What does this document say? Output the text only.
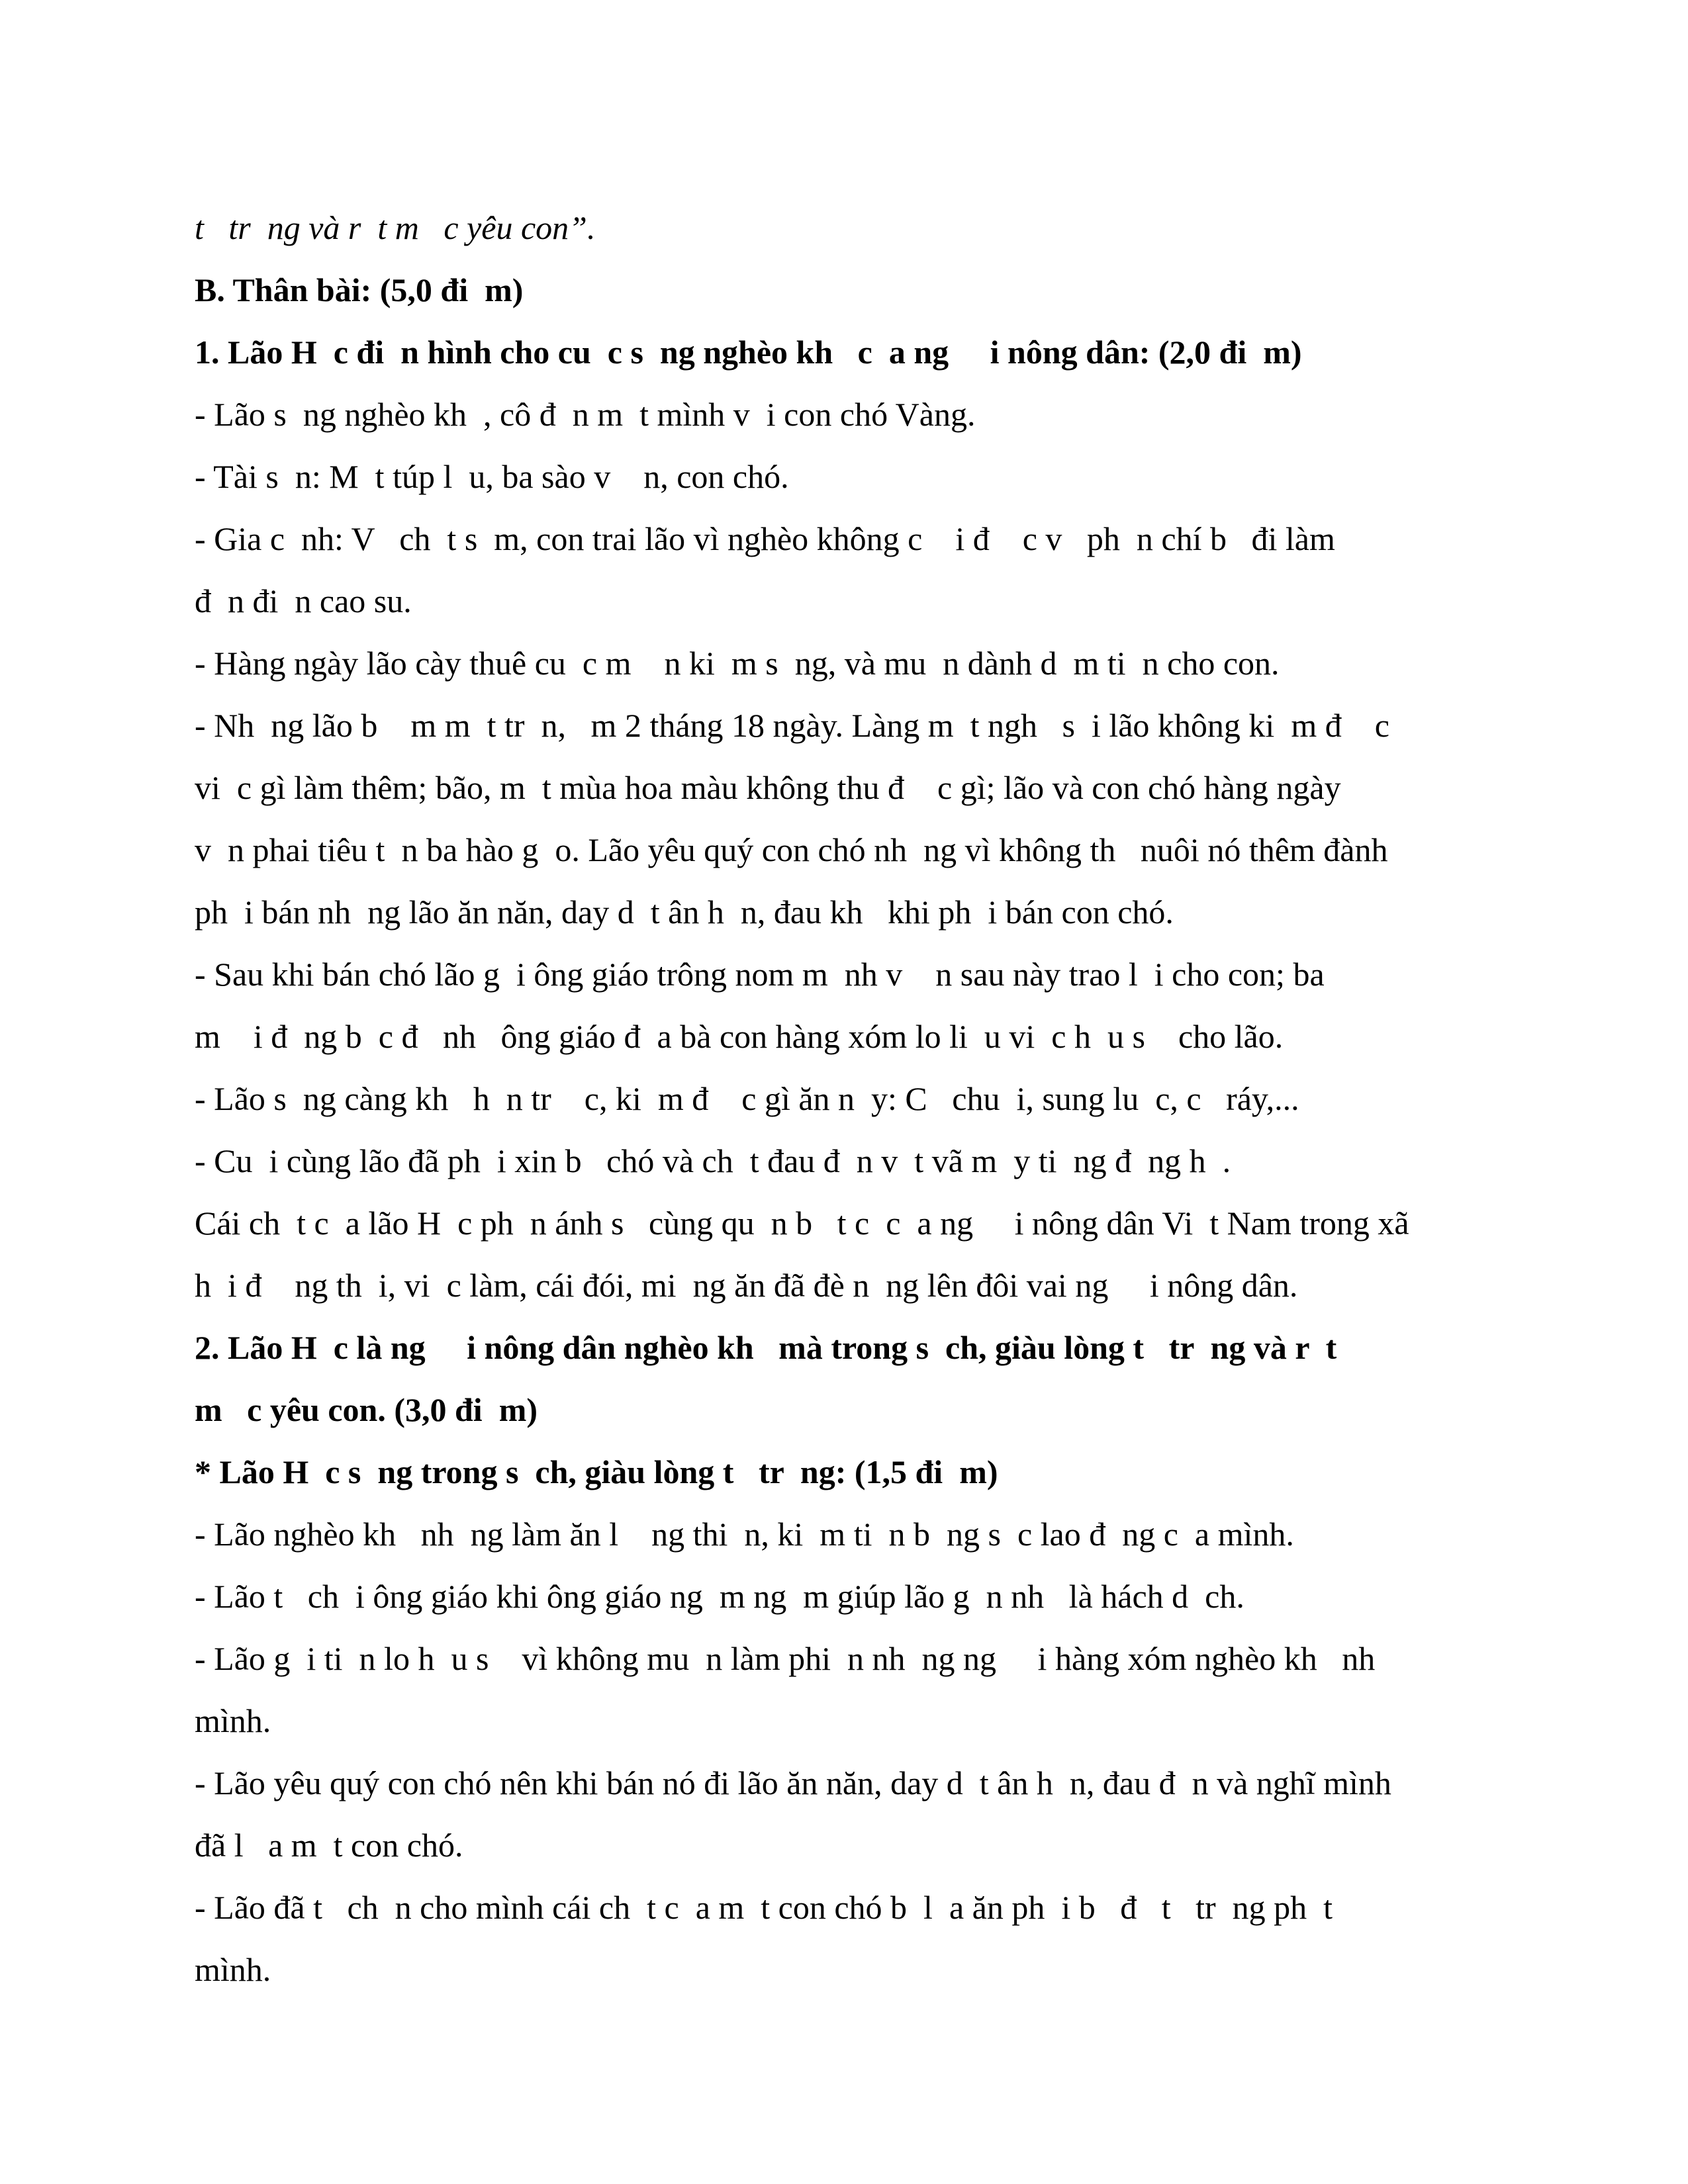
t   tr  ng và r  t m   c yêu con”.

B. Thân bài: (5,0 đi  m)

1. Lão H  c đi  n hình cho cu  c s  ng nghèo kh   c  a ng     i nông dân: (2,0 đi  m)

- Lão s  ng nghèo kh  , cô đ  n m  t mình v  i con chó Vàng.

- Tài s  n: M  t túp l  u, ba sào v    n, con chó.

- Gia c  nh: V   ch  t s  m, con trai lão vì nghèo không c    i đ    c v   ph  n chí b   đi làm

đ  n đi  n cao su.

- Hàng ngày lão cày thuê cu  c m    n ki  m s  ng, và mu  n dành d  m ti  n cho con.

- Nh  ng lão b    m m  t tr  n,   m 2 tháng 18 ngày. Làng m  t ngh   s  i lão không ki  m đ    c

vi  c gì làm thêm; bão, m  t mùa hoa màu không thu đ    c gì; lão và con chó hàng ngày

v  n phai tiêu t  n ba hào g  o. Lão yêu quý con chó nh  ng vì không th   nuôi nó thêm đành

ph  i bán nh  ng lão ăn năn, day d  t ân h  n, đau kh   khi ph  i bán con chó.

- Sau khi bán chó lão g  i ông giáo trông nom m  nh v    n sau này trao l  i cho con; ba

m    i đ  ng b  c đ   nh   ông giáo đ  a bà con hàng xóm lo li  u vi  c h  u s    cho lão.

- Lão s  ng càng kh   h  n tr    c, ki  m đ    c gì ăn n  y: C   chu  i, sung lu  c, c   ráy,...

- Cu  i cùng lão đã ph  i xin b   chó và ch  t đau đ  n v  t vã m  y ti  ng đ  ng h  .

Cái ch  t c  a lão H  c ph  n ánh s   cùng qu  n b   t c  c  a ng     i nông dân Vi  t Nam trong xã

h  i đ    ng th  i, vi  c làm, cái đói, mi  ng ăn đã đè n  ng lên đôi vai ng     i nông dân.

2. Lão H  c là ng     i nông dân nghèo kh   mà trong s  ch, giàu lòng t   tr  ng và r  t

m   c yêu con. (3,0 đi  m)

* Lão H  c s  ng trong s  ch, giàu lòng t   tr  ng: (1,5 đi  m)

- Lão nghèo kh   nh  ng làm ăn l    ng thi  n, ki  m ti  n b  ng s  c lao đ  ng c  a mình.

- Lão t   ch  i ông giáo khi ông giáo ng  m ng  m giúp lão g  n nh   là hách d  ch.

- Lão g  i ti  n lo h  u s    vì không mu  n làm phi  n nh  ng ng     i hàng xóm nghèo kh   nh

mình.

- Lão yêu quý con chó nên khi bán nó đi lão ăn năn, day d  t ân h  n, đau đ  n và nghĩ mình

đã l   a m  t con chó.

- Lão đã t   ch  n cho mình cái ch  t c  a m  t con chó b  l  a ăn ph  i b   đ   t   tr  ng ph  t

mình.
